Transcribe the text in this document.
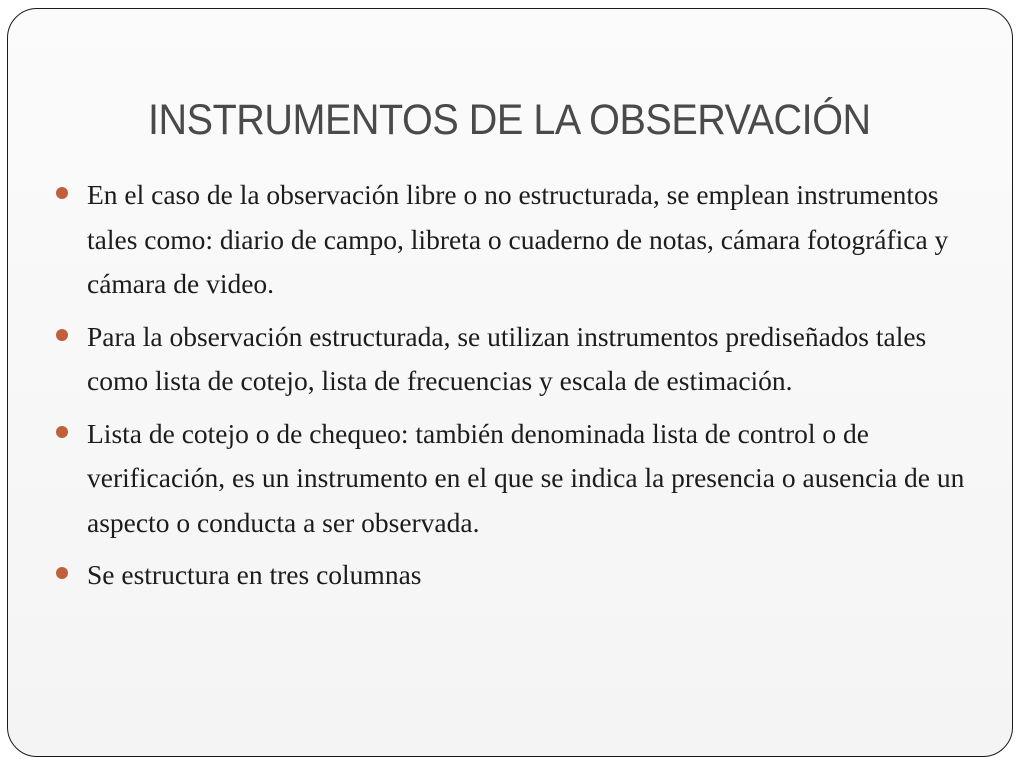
INSTRUMENTOS DE LA OBSERVACIÓN
En el caso de la observación libre o no estructurada, se emplean instrumentos tales como: diario de campo, libreta o cuaderno de notas, cámara fotográfica y cámara de video.
Para la observación estructurada, se utilizan instrumentos prediseñados tales como lista de cotejo, lista de frecuencias y escala de estimación.
Lista de cotejo o de chequeo: también denominada lista de control o de verificación, es un instrumento en el que se indica la presencia o ausencia de un aspecto o conducta a ser observada.
Se estructura en tres columnas
